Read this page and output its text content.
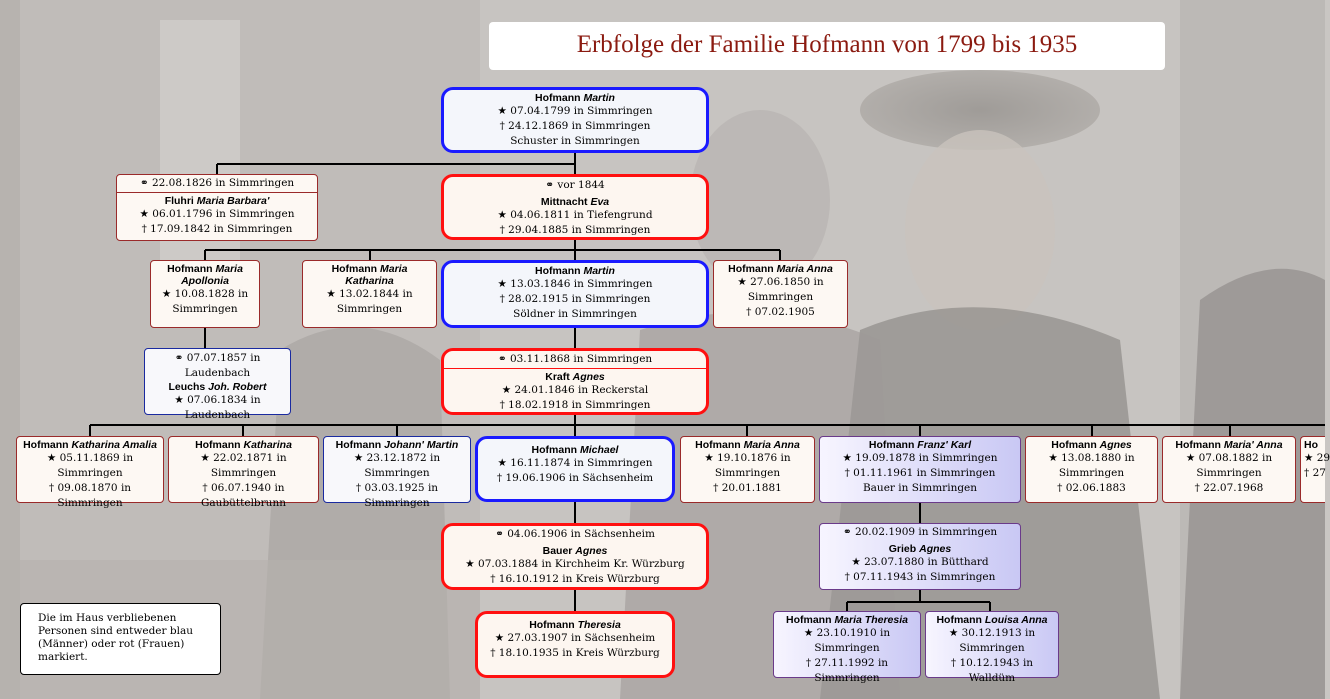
Erbfolge der Familie Hofmann von 1799 bis 1935
Hofmann Martin
★ 07.04.1799 in Simmringen
† 24.12.1869 in Simmringen
Schuster in Simmringen
⚭ 22.08.1826 in Simmringen
Fluhri Maria Barbara'
★ 06.01.1796 in Simmringen
† 17.09.1842 in Simmringen
⚭ vor 1844
Mittnacht Eva
★ 04.06.1811 in Tiefengrund
† 29.04.1885 in Simmringen
Hofmann Maria Apollonia
★ 10.08.1828 in
Simmringen
Hofmann Maria Katharina
★ 13.02.1844 in
Simmringen
Hofmann Martin
★ 13.03.1846 in Simmringen
† 28.02.1915 in Simmringen
Söldner in Simmringen
Hofmann Maria Anna
★ 27.06.1850 in
Simmringen
† 07.02.1905
⚭ 07.07.1857 in
Laudenbach
Leuchs Joh. Robert
★ 07.06.1834 in Laudenbach
⚭ 03.11.1868 in Simmringen
Kraft Agnes
★ 24.01.1846 in Reckerstal
† 18.02.1918 in Simmringen
Hofmann Katharina Amalia
★ 05.11.1869 in Simmringen
† 09.08.1870 in Simmringen
Hofmann Katharina
★ 22.02.1871 in Simmringen
† 06.07.1940 in
Gaubüttelbrunn
Hofmann Johann' Martin
★ 23.12.1872 in Simmringen
† 03.03.1925 in Simmringen
Hofmann Michael
★ 16.11.1874 in Simmringen
† 19.06.1906 in Sächsenheim
Hofmann Maria Anna
★ 19.10.1876 in
Simmringen
† 20.01.1881
Hofmann Franz' Karl
★ 19.09.1878 in Simmringen
† 01.11.1961 in Simmringen
Bauer in Simmringen
Hofmann Agnes
★ 13.08.1880 in
Simmringen
† 02.06.1883
Hofmann Maria' Anna
★ 07.08.1882 in
Simmringen
† 22.07.1968
Ho
★ 29
† 27
⚭ 04.06.1906 in Sächsenheim
Bauer Agnes
★ 07.03.1884 in Kirchheim Kr. Würzburg
† 16.10.1912 in Kreis Würzburg
⚭ 20.02.1909 in Simmringen
Grieb Agnes
★ 23.07.1880 in Bütthard
† 07.11.1943 in Simmringen
Hofmann Theresia
★ 27.03.1907 in Sächsenheim
† 18.10.1935 in Kreis Würzburg
Hofmann Maria Theresia
★ 23.10.1910 in Simmringen
† 27.11.1992 in Simmringen
Hofmann Louisa Anna
★ 30.12.1913 in
Simmringen
† 10.12.1943 in Walldüm
Die im Haus verbliebenen Personen sind entweder blau (Männer) oder rot (Frauen) markiert.
